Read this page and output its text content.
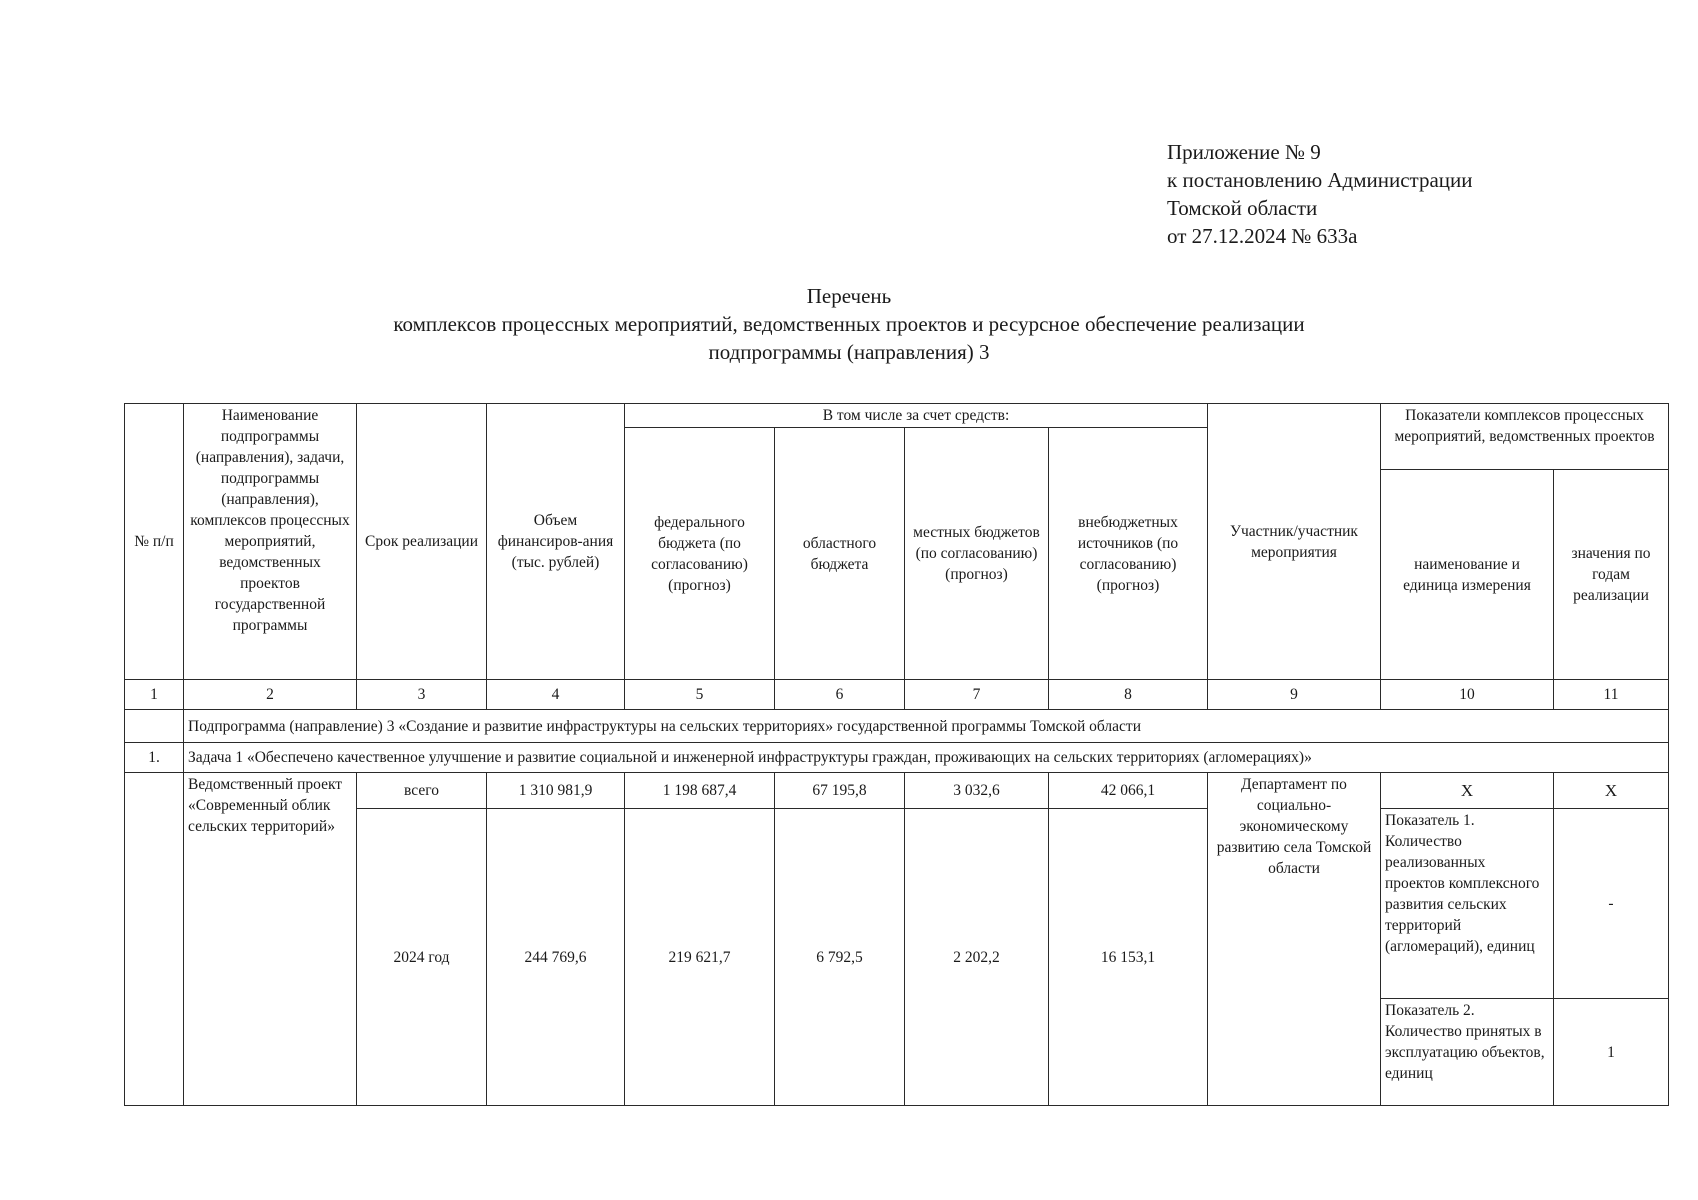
Приложение № 9
к постановлению Администрации
Томской области
от 27.12.2024 № 633а
Перечень
комплексов процессных мероприятий, ведомственных проектов и ресурсное обеспечение реализации
подпрограммы (направления) 3
№ п/п	Наименование подпрограммы (направления), задачи, подпрограммы (направления), комплексов процессных мероприятий, ведомственных проектов государственной программы	Срок реализации	Объем финансиров-ания (тыс. рублей)	В том числе за счет средств:				Участник/участник мероприятия	Показатели комплексов процессных мероприятий, ведомственных проектов	
				федерального бюджета (по согласованию) (прогноз)	областного бюджета	местных бюджетов (по согласованию) (прогноз)	внебюджетных источников (по согласованию) (прогноз)			
									наименование и единица измерения	значения по годам реализации
1	2	3	4	5	6	7	8	9	10	11
	Подпрограмма (направление) 3 «Создание и развитие инфраструктуры на сельских территориях» государственной программы Томской области									
1.	Задача 1 «Обеспечено качественное улучшение и развитие социальной и инженерной инфраструктуры граждан, проживающих на сельских территориях (агломерациях)»									
	Ведомственный проект «Современный облик сельских территорий»	всего	1 310 981,9	1 198 687,4	67 195,8	3 032,6	42 066,1	Департамент по социально-экономическому развитию села Томской области	Х	Х
		2024 год	244 769,6	219 621,7	6 792,5	2 202,2	16 153,1		Показатель 1. Количество реализованных проектов комплексного развития сельских территорий (агломераций), единиц	-
									Показатель 2. Количество принятых в эксплуатацию объектов, единиц	1
